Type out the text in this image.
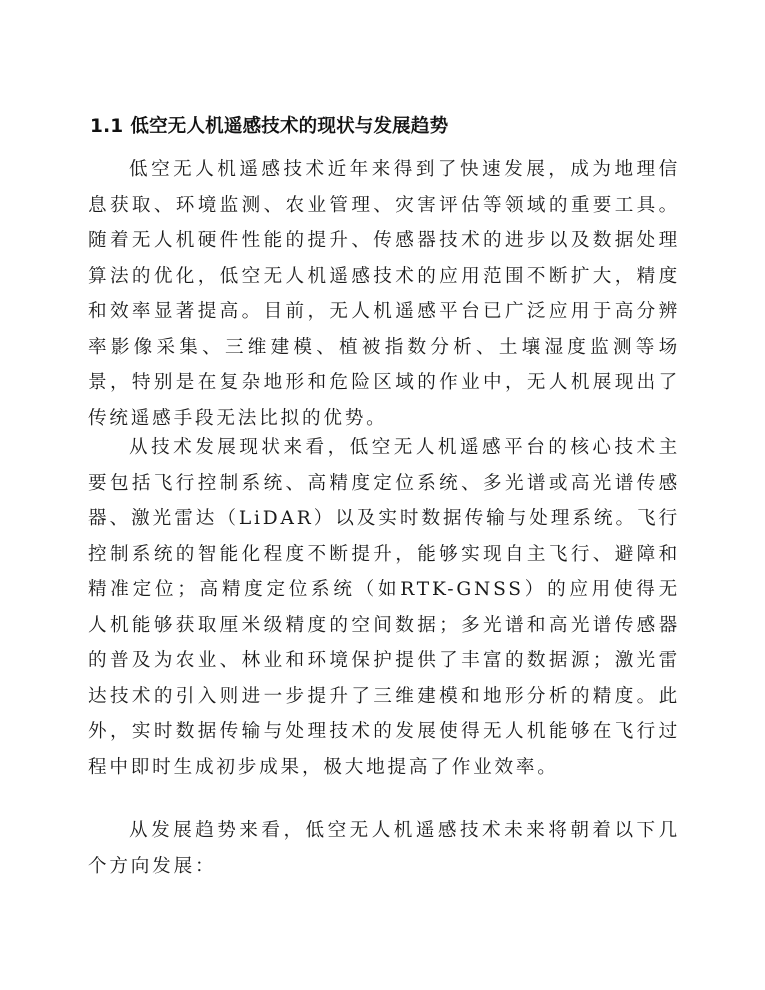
1.1 低空无人机遥感技术的现状与发展趋势

低空无人机遥感技术近年来得到了快速发展，成为地理信息获取、环境监测、农业管理、灾害评估等领域的重要工具。随着无人机硬件性能的提升、传感器技术的进步以及数据处理算法的优化，低空无人机遥感技术的应用范围不断扩大，精度和效率显著提高。目前，无人机遥感平台已广泛应用于高分辨率影像采集、三维建模、植被指数分析、土壤湿度监测等场景，特别是在复杂地形和危险区域的作业中，无人机展现出了传统遥感手段无法比拟的优势。

从技术发展现状来看，低空无人机遥感平台的核心技术主要包括飞行控制系统、高精度定位系统、多光谱或高光谱传感器、激光雷达（LiDAR）以及实时数据传输与处理系统。飞行控制系统的智能化程度不断提升，能够实现自主飞行、避障和精准定位；高精度定位系统（如RTK-GNSS）的应用使得无人机能够获取厘米级精度的空间数据；多光谱和高光谱传感器的普及为农业、林业和环境保护提供了丰富的数据源；激光雷达技术的引入则进一步提升了三维建模和地形分析的精度。此外，实时数据传输与处理技术的发展使得无人机能够在飞行过程中即时生成初步成果，极大地提高了作业效率。

从发展趋势来看，低空无人机遥感技术未来将朝着以下几个方向发展：
